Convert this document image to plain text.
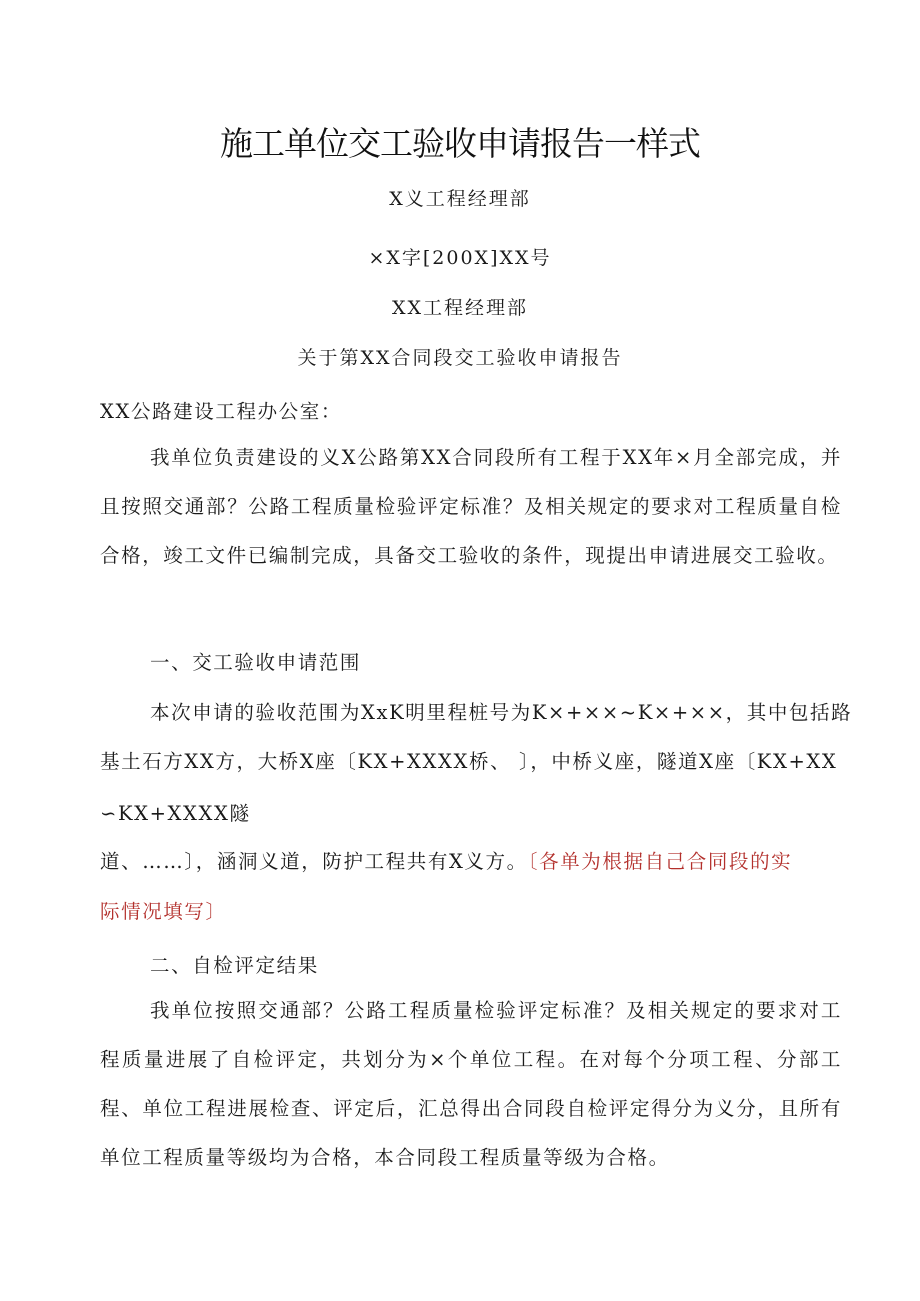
施工单位交工验收申请报告一样式
X义工程经理部
×X字[200X]XX号
XX工程经理部
关于第XX合同段交工验收申请报告
XX公路建设工程办公室：
我单位负责建设的义X公路第XX合同段所有工程于XX年×月全部完成，并且按照交通部？公路工程质量检验评定标准？及相关规定的要求对工程质量自检合格，竣工文件已编制完成，具备交工验收的条件，现提出申请进展交工验收。
一、交工验收申请范围
本次申请的验收范围为XxK明里程桩号为K×+××~K×+××，其中包括路
基土石方XX方，大桥X座〔KX+XXXX桥、 〕，中桥义座，隧道X座〔KX+XX
∽KX+XXXX隧
道、……〕，涵洞义道，防护工程共有X义方。〔各单为根据自己合同段的实
际情况填写〕
二、自检评定结果
我单位按照交通部？公路工程质量检验评定标准？及相关规定的要求对工程质量进展了自检评定，共划分为×个单位工程。在对每个分项工程、分部工程、单位工程进展检查、评定后，汇总得出合同段自检评定得分为义分，且所有单位工程质量等级均为合格，本合同段工程质量等级为合格。
